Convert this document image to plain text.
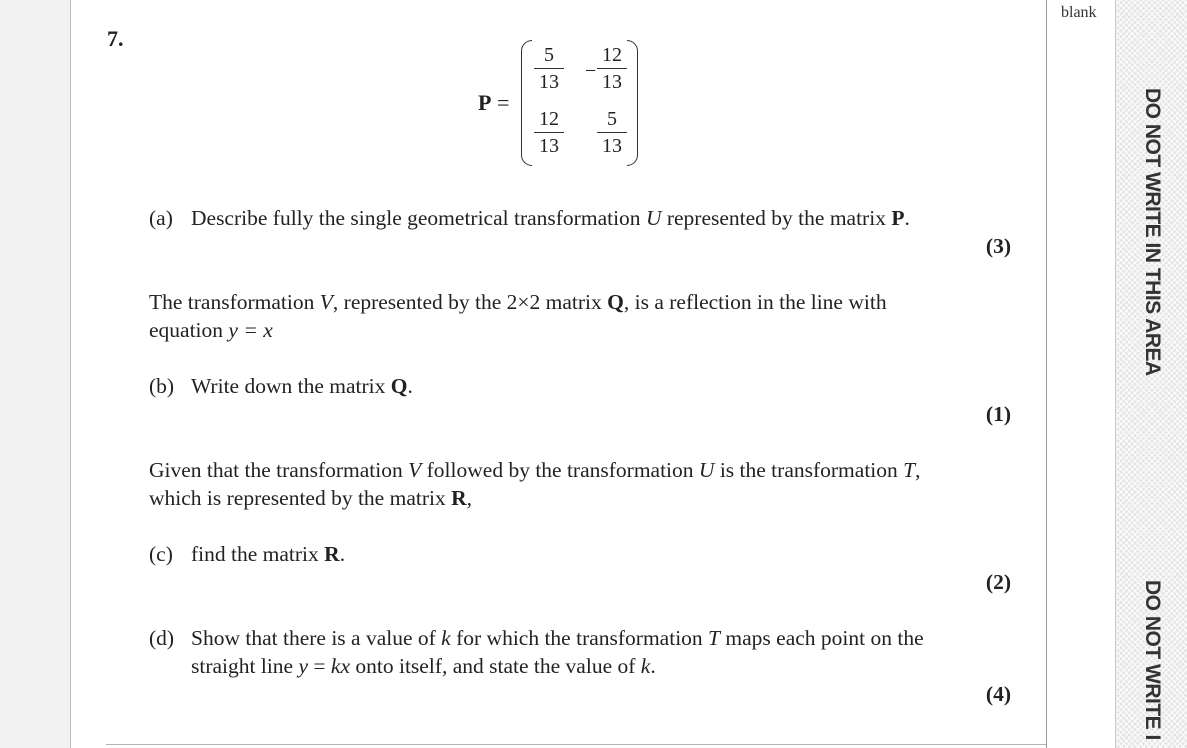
blank
DO NOT WRITE IN THIS AREA
DO NOT WRITE I
7.
P =
$\frac{5}{13} - \frac{12}{13}$
$\frac{12}{13} \frac{5}{13}$
(a) Describe fully the single geometrical transformation U represented by the matrix P.
(3)
The transformation V, represented by the 2×2 matrix Q, is a reflection in the line with
equation y = x
(b) Write down the matrix Q.
(1)
Given that the transformation V followed by the transformation U is the transformation T,
which is represented by the matrix R,
(c) find the matrix R.
(2)
(d) Show that there is a value of k for which the transformation T maps each point on the
straight line y = kx onto itself, and state the value of k.
(4)
